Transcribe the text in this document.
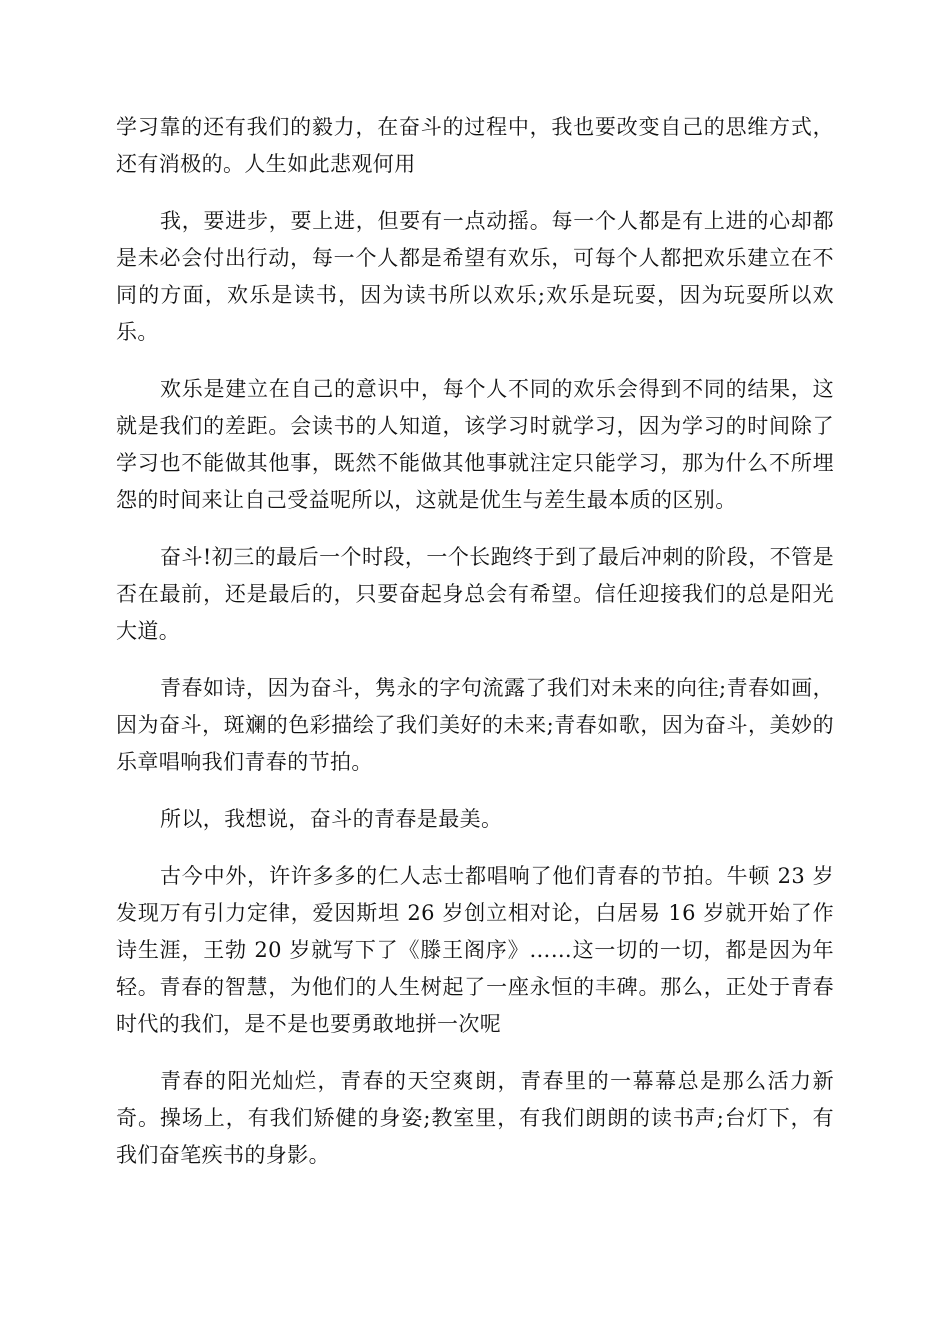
学习靠的还有我们的毅力，在奋斗的过程中，我也要改变自己的思维方式，还有消极的。人生如此悲观何用

我，要进步，要上进，但要有一点动摇。每一个人都是有上进的心却都是未必会付出行动，每一个人都是希望有欢乐，可每个人都把欢乐建立在不同的方面，欢乐是读书，因为读书所以欢乐;欢乐是玩耍，因为玩耍所以欢乐。

欢乐是建立在自己的意识中，每个人不同的欢乐会得到不同的结果，这就是我们的差距。会读书的人知道，该学习时就学习，因为学习的时间除了学习也不能做其他事，既然不能做其他事就注定只能学习，那为什么不所埋怨的时间来让自己受益呢所以，这就是优生与差生最本质的区别。

奋斗!初三的最后一个时段，一个长跑终于到了最后冲刺的阶段，不管是否在最前，还是最后的，只要奋起身总会有希望。信任迎接我们的总是阳光大道。

青春如诗，因为奋斗，隽永的字句流露了我们对未来的向往;青春如画，因为奋斗，斑斓的色彩描绘了我们美好的未来;青春如歌，因为奋斗，美妙的乐章唱响我们青春的节拍。

所以，我想说，奋斗的青春是最美。

古今中外，许许多多的仁人志士都唱响了他们青春的节拍。牛顿 23 岁发现万有引力定律，爱因斯坦 26 岁创立相对论，白居易 16 岁就开始了作诗生涯，王勃 20 岁就写下了《滕王阁序》……这一切的一切，都是因为年轻。青春的智慧，为他们的人生树起了一座永恒的丰碑。那么，正处于青春时代的我们，是不是也要勇敢地拼一次呢

青春的阳光灿烂，青春的天空爽朗，青春里的一幕幕总是那么活力新奇。操场上，有我们矫健的身姿;教室里，有我们朗朗的读书声;台灯下，有我们奋笔疾书的身影。
